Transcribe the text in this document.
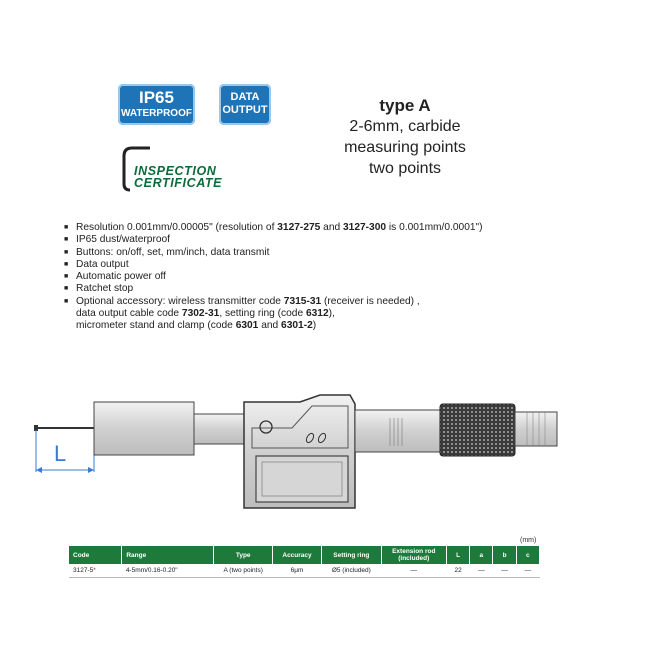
IP65
WATERPROOF
DATA
OUTPUT
INSPECTION
CERTIFICATE
type A
2-6mm, carbide
measuring points
two points
■ Resolution 0.001mm/0.00005" (resolution of 3127-275 and 3127-300 is 0.001mm/0.0001")
■ IP65 dust/waterproof
■ Buttons: on/off, set, mm/inch, data transmit
■ Data output
■ Automatic power off
■ Ratchet stop
■ Optional accessory: wireless transmitter code 7315-31 (receiver is needed) ,
data output cable code 7302-31, setting ring (code 6312),
micrometer stand and clamp (code 6301 and 6301-2)
L
(mm)
Code	Range	Type	Accuracy	Setting ring	Extension rod (included)	L	a	b	c
3127-5*	4-5mm/0.16-0.20"	A (two points)	6μm	Ø5 (included)	—	22	—	—	—
